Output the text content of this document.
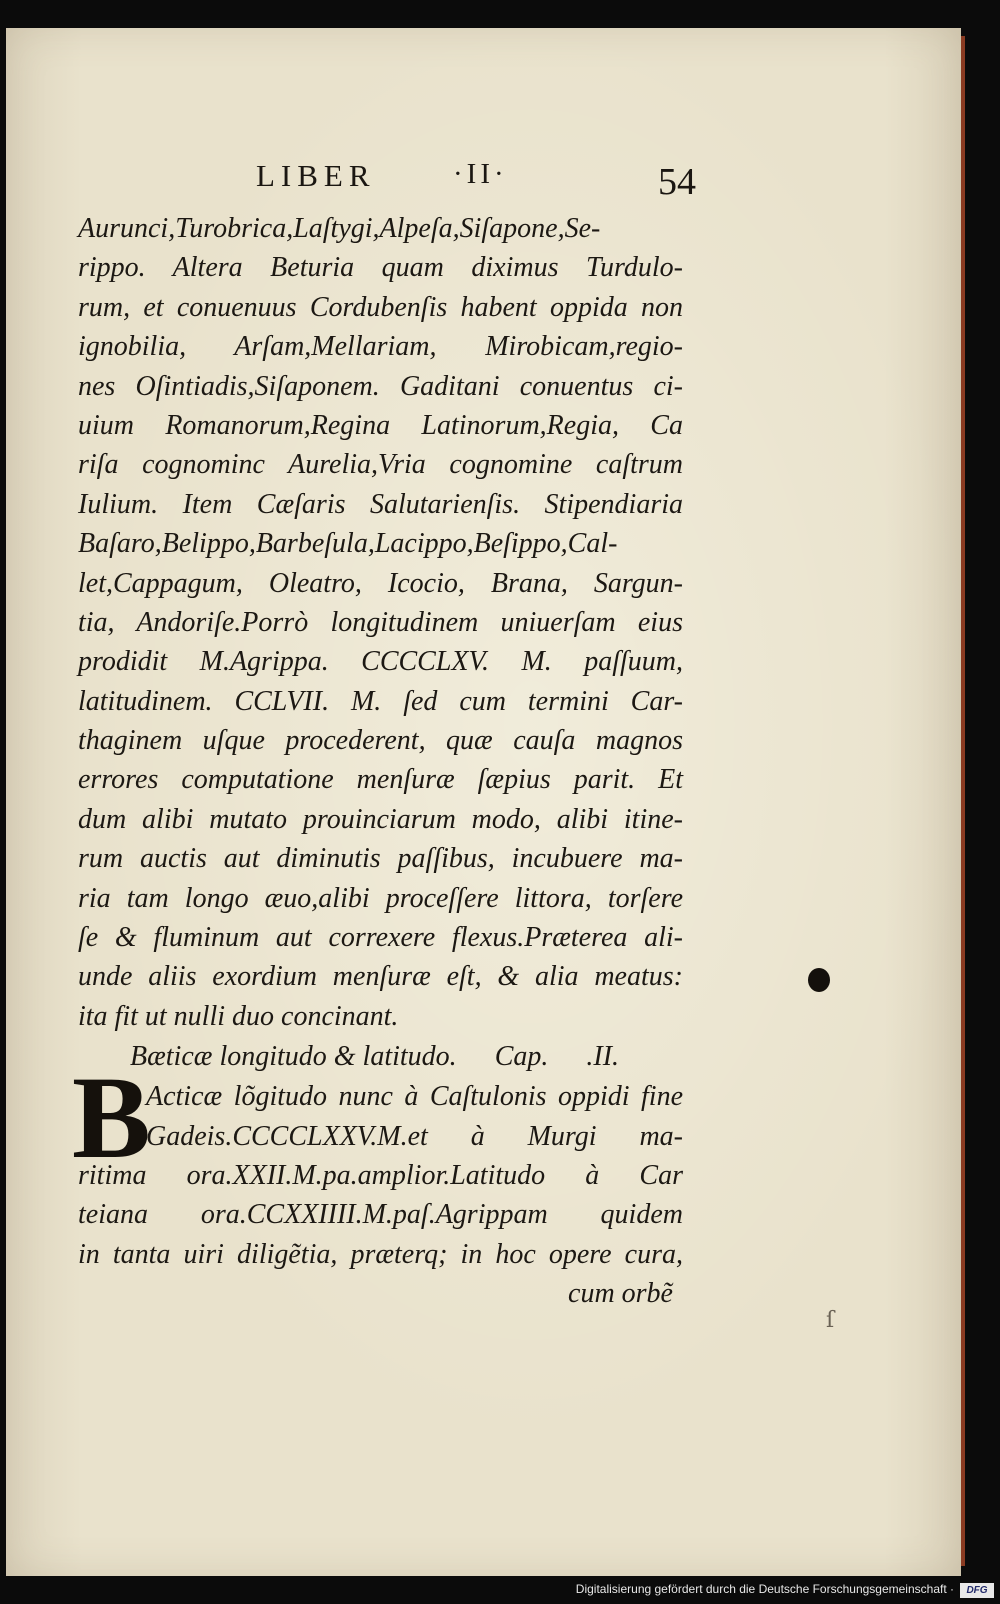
LIBER	·II·	54
Aurunci,Turobrica,Laſtygi,Alpeſa,Siſapone,Se-
rippo. Altera Beturia quam diximus Turdulo-
rum, et conuenuus Cordubenſis habent oppida non
ignobilia, Arſam,Mellariam, Mirobicam,regio-
nes Oſintiadis,Siſaponem. Gaditani conuentus ci-
uium Romanorum,Regina Latinorum,Regia, Ca
riſa cognominc Aurelia,Vria cognomine caſtrum
Iulium. Item Cæſaris Salutarienſis. Stipendiaria
Baſaro,Belippo,Barbeſula,Lacippo,Beſippo,Cal-
let,Cappagum, Oleatro, Icocio, Brana, Sargun-
tia, Andoriſe.Porrò longitudinem uniuerſam eius
prodidit M.Agrippa. CCCCLXV. M. paſſuum,
latitudinem. CCLVII. M. ſed cum termini Car-
thaginem uſque procederent, quæ cauſa magnos
errores computatione menſuræ ſæpius parit. Et
dum alibi mutato prouinciarum modo, alibi itine-
rum auctis aut diminutis paſſibus, incubuere ma-
ria tam longo æuo,alibi proceſſere littora, torſere
ſe & fluminum aut correxere flexus.Præterea ali-
unde aliis exordium menſuræ eſt, & alia meatus:
ita fit ut nulli duo concinant.
Bæticæ longitudo & latitudo. Cap. .II.
B
Acticæ lõgitudo nunc à Caſtulonis oppidi fine
Gadeis.CCCCLXXV.M.et à Murgi ma-
ritima ora.XXII.M.pa.amplior.Latitudo à Car
teiana ora.CCXXIIII.M.paſ.Agrippam quidem
in tanta uiri diligẽtia, præterq; in hoc opere cura,
cum orbẽ
ſ
Digitalisierung gefördert durch die Deutsche Forschungsgemeinschaft ·	DFG
